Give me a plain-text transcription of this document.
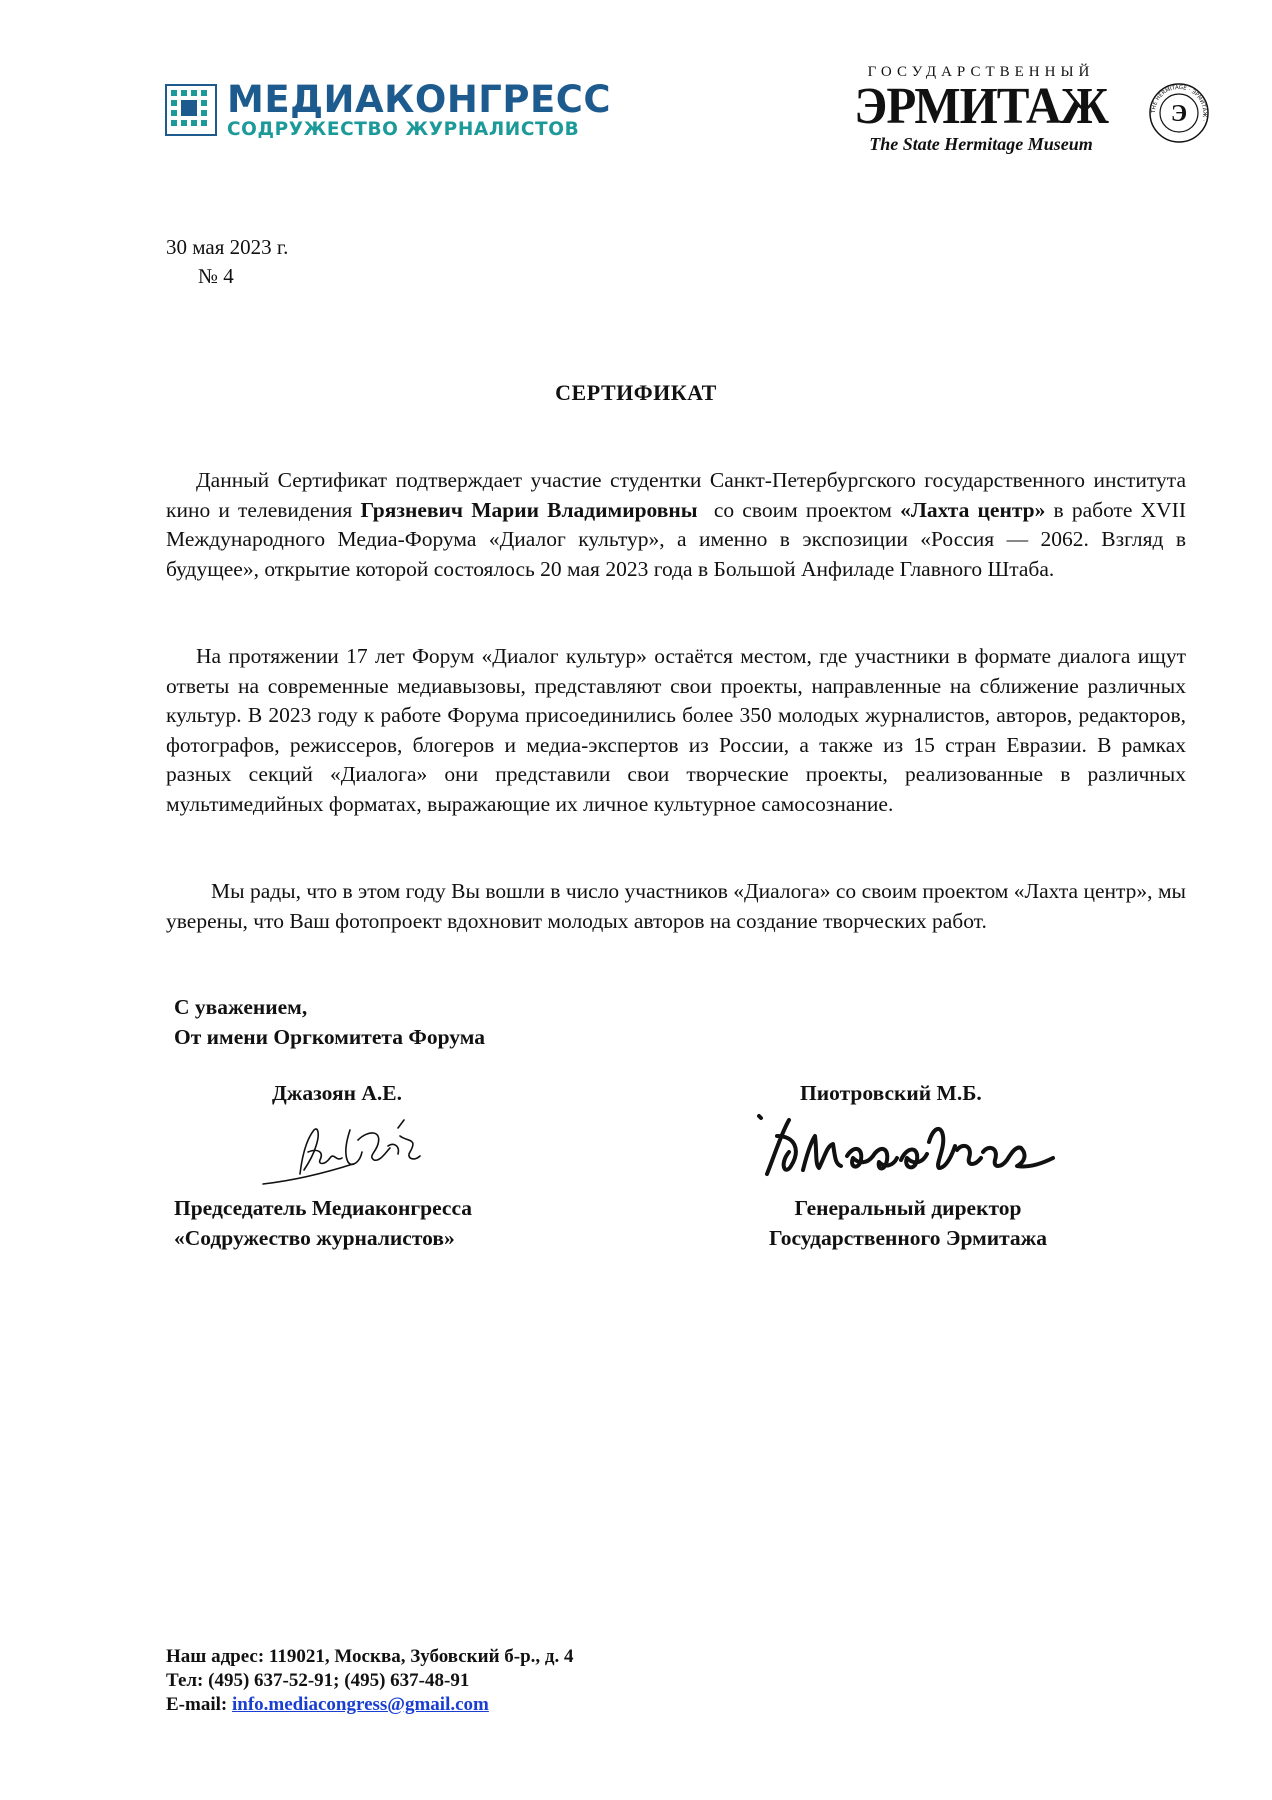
МЕДИАКОНГРЕСС
СОДРУЖЕСТВО ЖУРНАЛИСТОВ
ГОСУДАРСТВЕННЫЙ
ЭРМИТАЖ
The State Hermitage Museum
THE HERMITAGE · ЭРМИТАЖ ·
Э
30 мая 2023 г.
№ 4
СЕРТИФИКАТ

Данный Сертификат подтверждает участие студентки Санкт-Петербургского государственного института кино и телевидения Грязневич Марии Владимировны  со своим проектом «Лахта центр» в работе XVII Международного Медиа-Форума «Диалог культур», а именно в экспозиции «Россия — 2062. Взгляд в будущее», открытие которой состоялось 20 мая 2023 года в Большой Анфиладе Главного Штаба.

На протяжении 17 лет Форум «Диалог культур» остаётся местом, где участники в формате диалога ищут ответы на современные медиавызовы, представляют свои проекты, направленные на сближение различных культур. В 2023 году к работе Форума присоединились более 350 молодых журналистов, авторов, редакторов, фотографов, режиссеров, блогеров и медиа-экспертов из России, а также из 15 стран Евразии. В рамках разных секций «Диалога» они представили свои творческие проекты, реализованные в различных мультимедийных форматах, выражающие их личное культурное самосознание.

Мы рады, что в этом году Вы вошли в число участников «Диалога» со своим проектом «Лахта центр», мы уверены, что Ваш фотопроект вдохновит молодых авторов на создание творческих работ.

С уважением,
От имени Оргкомитета Форума
Джазоян А.Е.	Пиотровский М.Б.
Председатель Медиаконгресса
«Содружество журналистов»
Генеральный директор
Государственного Эрмитажа
Наш адрес: 119021, Москва, Зубовский б-р., д. 4
Тел: (495) 637-52-91; (495) 637-48-91
E-mail: info.mediacongress@gmail.com
